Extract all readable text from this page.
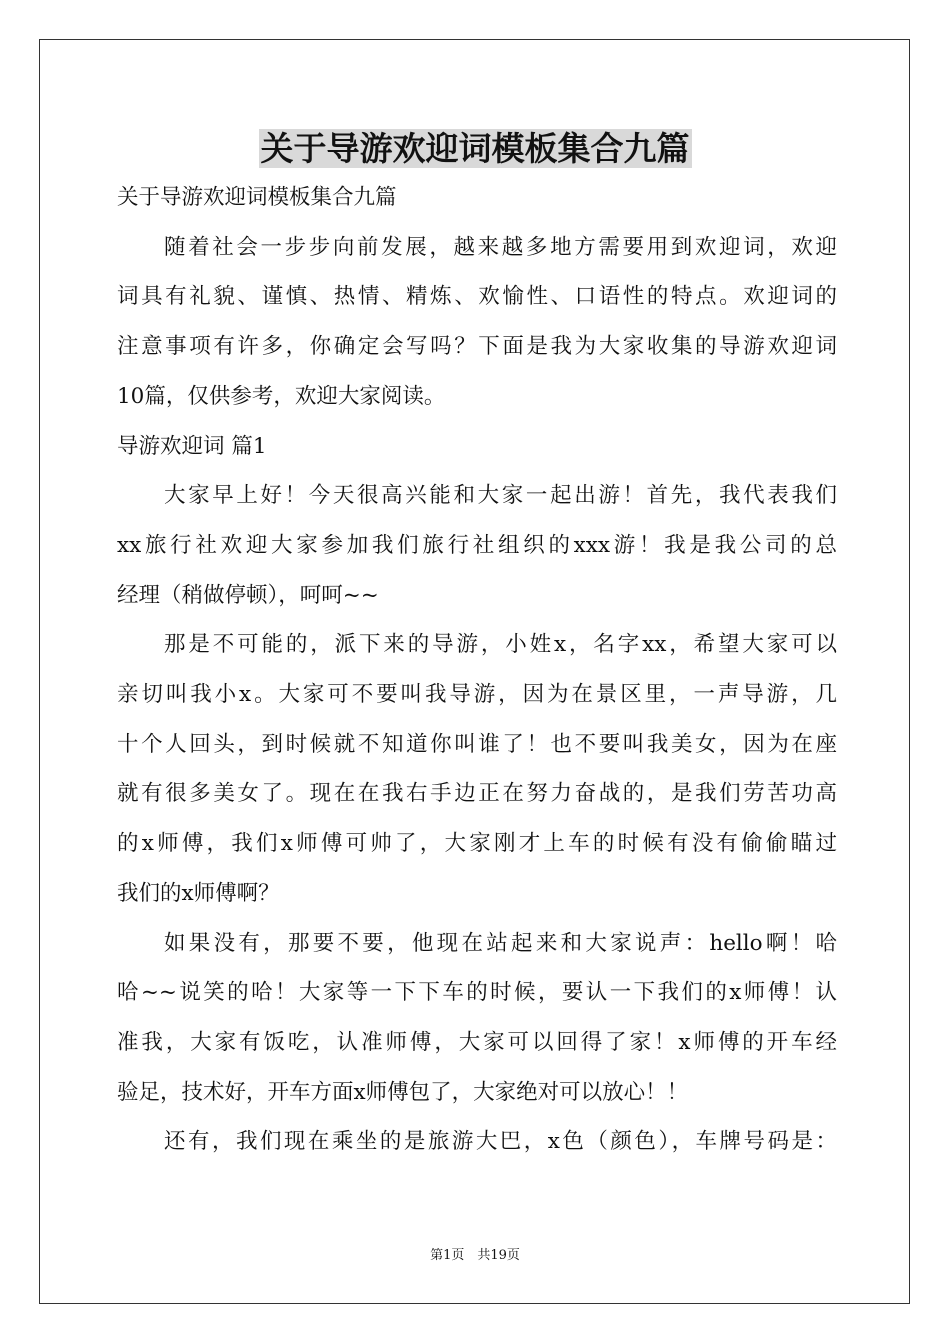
关于导游欢迎词模板集合九篇
关于导游欢迎词模板集合九篇
随着社会一步步向前发展，越来越多地方需要用到欢迎词，欢迎
词具有礼貌、谨慎、热情、精炼、欢愉性、口语性的特点。欢迎词的
注意事项有许多，你确定会写吗？下面是我为大家收集的导游欢迎词
10篇，仅供参考，欢迎大家阅读。
导游欢迎词 篇1
大家早上好！今天很高兴能和大家一起出游！首先，我代表我们
xx旅行社欢迎大家参加我们旅行社组织的xxx游！我是我公司的总
经理（稍做停顿），呵呵~~
那是不可能的，派下来的导游，小姓x，名字xx，希望大家可以
亲切叫我小x。大家可不要叫我导游，因为在景区里，一声导游，几
十个人回头，到时候就不知道你叫谁了！也不要叫我美女，因为在座
就有很多美女了。现在在我右手边正在努力奋战的，是我们劳苦功高
的x师傅，我们x师傅可帅了，大家刚才上车的时候有没有偷偷瞄过
我们的x师傅啊？
如果没有，那要不要，他现在站起来和大家说声：hello啊！哈
哈~~说笑的哈！大家等一下下车的时候，要认一下我们的x师傅！认
准我，大家有饭吃，认准师傅，大家可以回得了家！x师傅的开车经
验足，技术好，开车方面x师傅包了，大家绝对可以放心！！
还有，我们现在乘坐的是旅游大巴，x色（颜色），车牌号码是：
第1页　共19页
